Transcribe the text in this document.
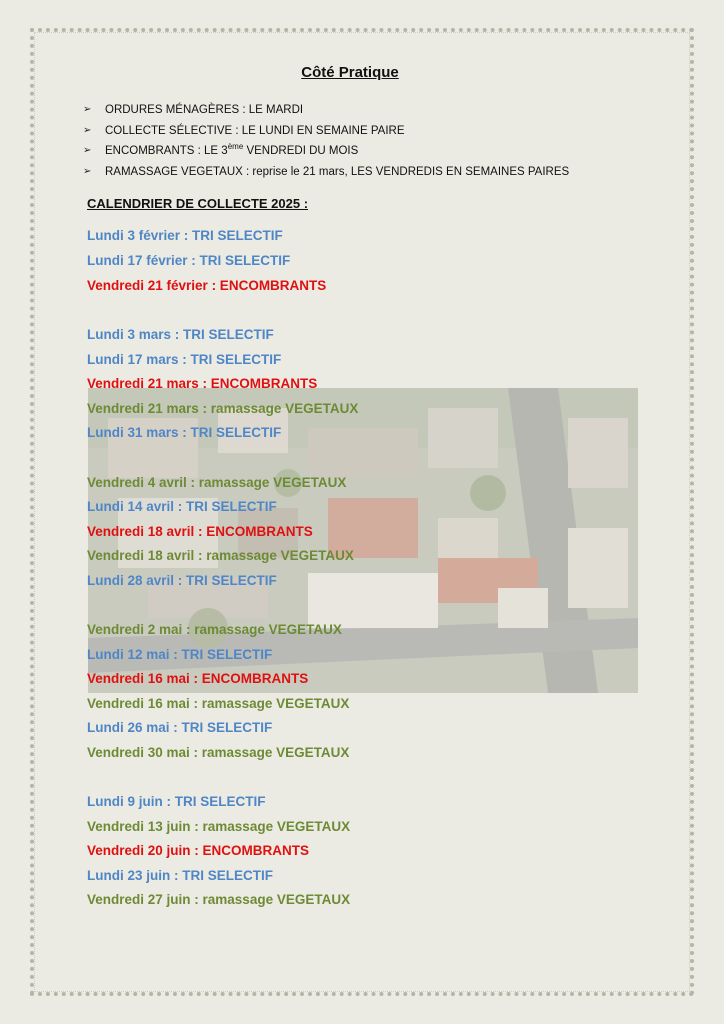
Côté Pratique
➢	ORDURES MÉNAGÈRES : LE MARDI
➢	COLLECTE SÉLECTIVE : LE LUNDI EN SEMAINE PAIRE
➢	ENCOMBRANTS : LE 3ème VENDREDI DU MOIS
➢	RAMASSAGE VEGETAUX : reprise le 21 mars, LES VENDREDIS EN SEMAINES PAIRES
CALENDRIER DE COLLECTE 2025 :
Lundi 3 février : TRI SELECTIF
Lundi 17 février : TRI SELECTIF
Vendredi 21 février : ENCOMBRANTS
Lundi 3 mars : TRI SELECTIF
Lundi 17 mars : TRI SELECTIF
Vendredi 21 mars : ENCOMBRANTS
Vendredi 21 mars : ramassage VEGETAUX
Lundi 31 mars : TRI SELECTIF
Vendredi 4 avril : ramassage VEGETAUX
Lundi 14 avril : TRI SELECTIF
Vendredi 18 avril : ENCOMBRANTS
Vendredi 18 avril : ramassage VEGETAUX
Lundi 28 avril : TRI SELECTIF
Vendredi 2 mai : ramassage VEGETAUX
Lundi 12 mai : TRI SELECTIF
Vendredi 16 mai : ENCOMBRANTS
Vendredi 16 mai : ramassage VEGETAUX
Lundi 26 mai : TRI SELECTIF
Vendredi 30 mai : ramassage VEGETAUX
Lundi 9 juin : TRI SELECTIF
Vendredi 13 juin : ramassage VEGETAUX
Vendredi 20 juin : ENCOMBRANTS
Lundi 23 juin : TRI SELECTIF
Vendredi 27 juin : ramassage VEGETAUX
